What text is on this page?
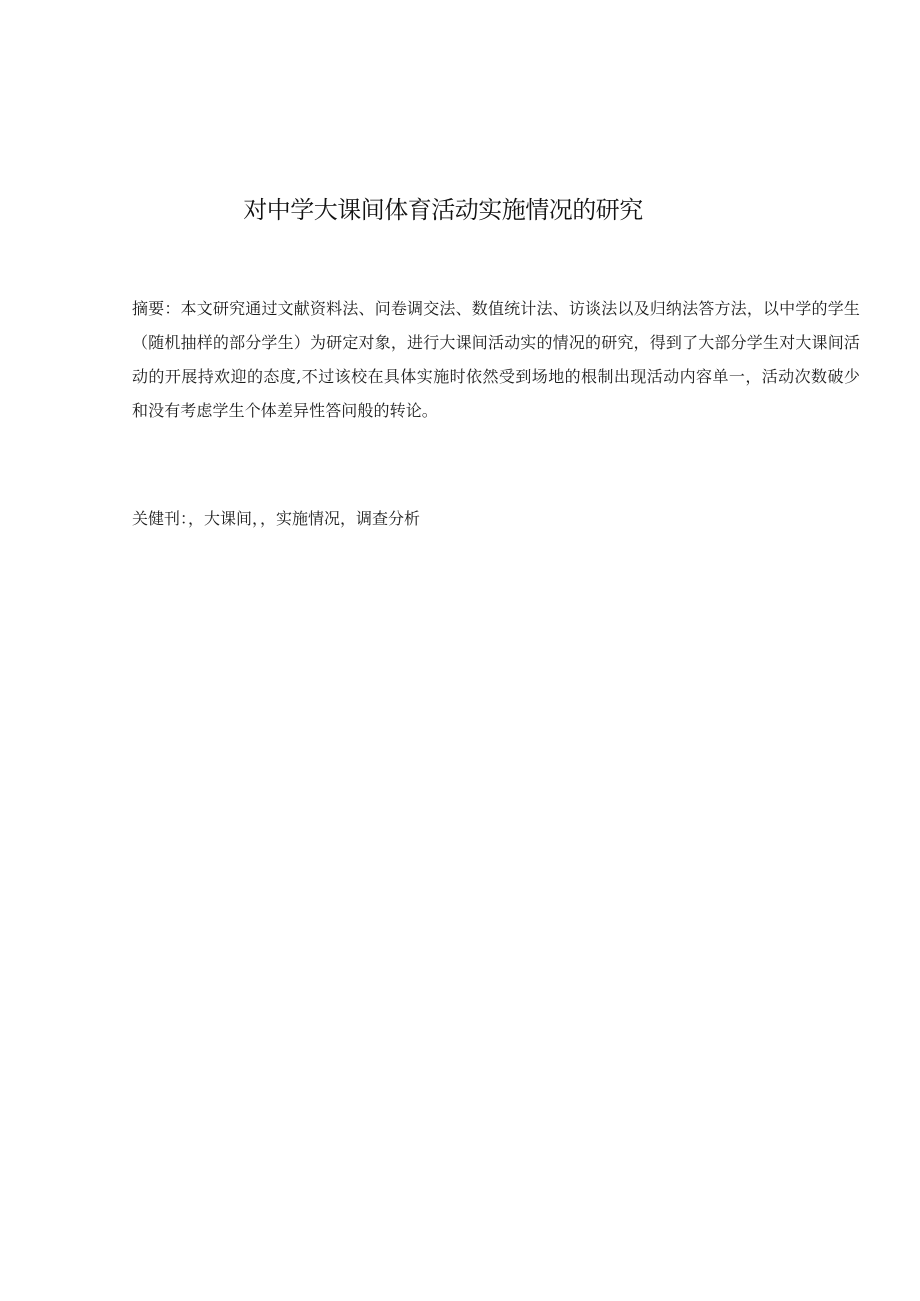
对中学大课间体育活动实施情况的研究

摘要：本文研究通过文献资料法、问卷调交法、数值统计法、访谈法以及归纳法答方法，以中学的学生（随机抽样的部分学生）为研定对象，进行大课间活动实的情况的研究，得到了大部分学生对大课间活动的开展持欢迎的态度,不过该校在具体实施时依然受到场地的根制出现活动内容单一，活动次数破少和没有考虑学生个体差异性答问般的转论。

关健刊：，大课间，，实施情况，调查分析
